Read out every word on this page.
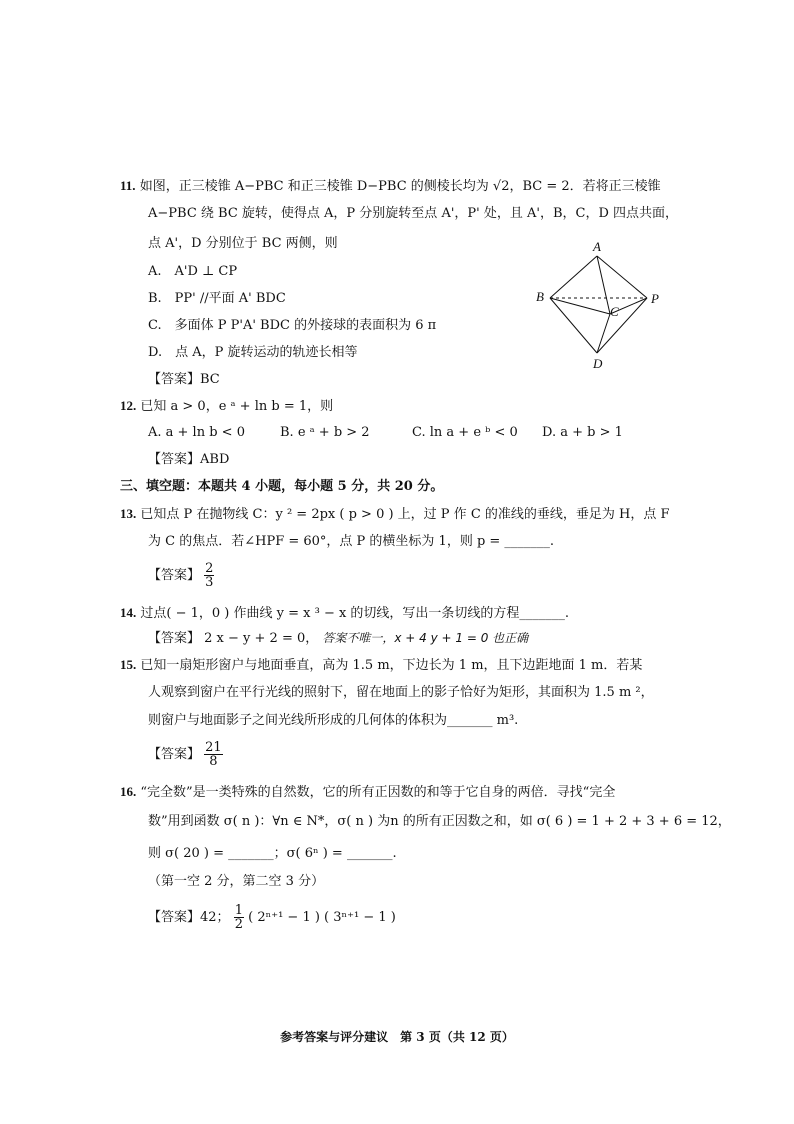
11. 如图，正三棱锥 A−PBC 和正三棱锥 D−PBC 的侧棱长均为 √2，BC = 2．若将正三棱锥
A−PBC 绕 BC 旋转，使得点 A，P 分别旋转至点 A'，P' 处，且 A'，B，C，D 四点共面，
点 A'，D 分别位于 BC 两侧，则
A.　A'D ⊥ CP
B.　PP' //平面 A' BDC
C.　多面体 P P'A' BDC 的外接球的表面积为 6 π
D.　点 A，P 旋转运动的轨迹长相等
【答案】BC
A
B
C
P
D
12. 已知 a > 0，e ᵃ + ln b = 1，则
A. a + ln b < 0	B. e ᵃ + b > 2	C. ln a + e ᵇ < 0 D. a + b > 1
【答案】ABD
三、填空题：本题共 4 小题，每小题 5 分，共 20 分。
13. 已知点 P 在抛物线 C：y ² = 2px ( p > 0 ) 上，过 P 作 C 的准线的垂线，垂足为 H，点 F
为 C 的焦点．若∠HPF = 60°，点 P 的横坐标为 1，则 p = _______.
【答案】 $\frac{2}{3}$
14. 过点( − 1，0 ) 作曲线 y = x ³ − x 的切线，写出一条切线的方程_______.
【答案】 2 x − y + 2 = 0， 答案不唯一，x + 4 y + 1 = 0 也正确
15. 已知一扇矩形窗户与地面垂直，高为 1.5 m，下边长为 1 m，且下边距地面 1 m．若某
人观察到窗户在平行光线的照射下，留在地面上的影子恰好为矩形，其面积为 1.5 m ²，
则窗户与地面影子之间光线所形成的几何体的体积为_______ m³.
【答案】 $\frac{21}{8}$
16. “完全数”是一类特殊的自然数，它的所有正因数的和等于它自身的两倍．寻找“完全
数”用到函数 σ( n )：∀n ∈ N*，σ( n ) 为n 的所有正因数之和，如 σ( 6 ) = 1 + 2 + 3 + 6 = 12，
则 σ( 20 ) = _______；σ( 6ⁿ ) = _______.
（第一空 2 分，第二空 3 分）
【答案】42； $\frac{1}{2}$ ( 2ⁿ⁺¹ − 1 ) ( 3ⁿ⁺¹ − 1 )
参考答案与评分建议　第 3 页（共 12 页）
